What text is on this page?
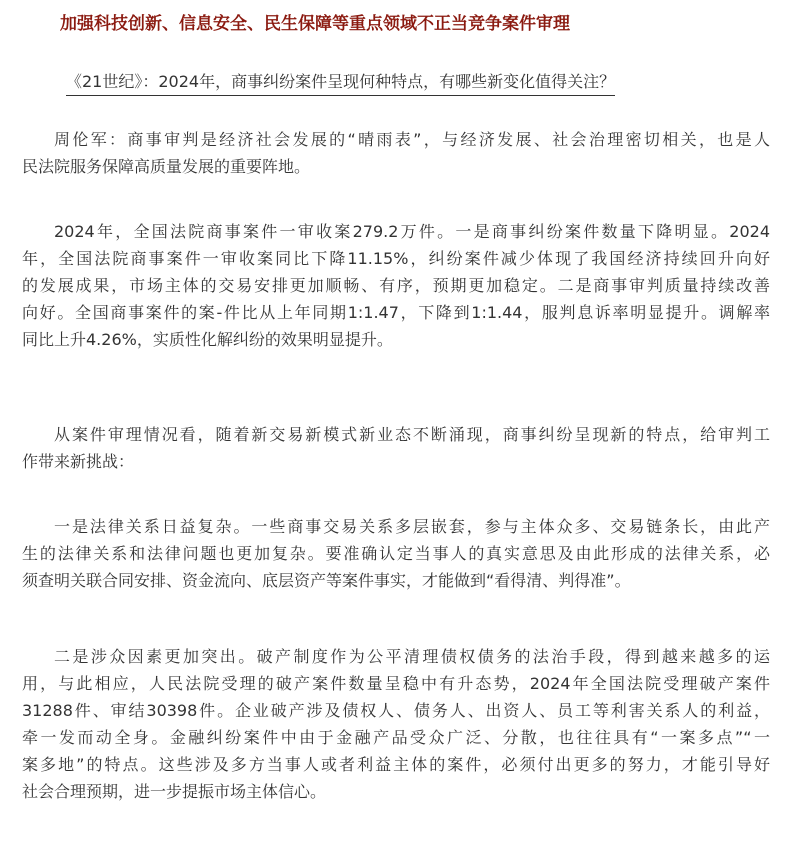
加强科技创新、信息安全、民生保障等重点领域不正当竞争案件审理

《21世纪》：2024年，商事纠纷案件呈现何种特点，有哪些新变化值得关注？

周伦军：商事审判是经济社会发展的“晴雨表”，与经济发展、社会治理密切相关，也是人
民法院服务保障高质量发展的重要阵地。
2024年，全国法院商事案件一审收案279.2万件。一是商事纠纷案件数量下降明显。2024
年，全国法院商事案件一审收案同比下降11.15%，纠纷案件减少体现了我国经济持续回升向好
的发展成果，市场主体的交易安排更加顺畅、有序，预期更加稳定。二是商事审判质量持续改善
向好。全国商事案件的案-件比从上年同期1:1.47，下降到1:1.44，服判息诉率明显提升。调解率
同比上升4.26%，实质性化解纠纷的效果明显提升。
从案件审理情况看，随着新交易新模式新业态不断涌现，商事纠纷呈现新的特点，给审判工
作带来新挑战：
一是法律关系日益复杂。一些商事交易关系多层嵌套，参与主体众多、交易链条长，由此产
生的法律关系和法律问题也更加复杂。要准确认定当事人的真实意思及由此形成的法律关系，必
须查明关联合同安排、资金流向、底层资产等案件事实，才能做到“看得清、判得准”。
二是涉众因素更加突出。破产制度作为公平清理债权债务的法治手段，得到越来越多的运
用，与此相应，人民法院受理的破产案件数量呈稳中有升态势，2024年全国法院受理破产案件
31288件、审结30398件。企业破产涉及债权人、债务人、出资人、员工等利害关系人的利益，
牵一发而动全身。金融纠纷案件中由于金融产品受众广泛、分散，也往往具有“一案多点”“一
案多地”的特点。这些涉及多方当事人或者利益主体的案件，必须付出更多的努力，才能引导好
社会合理预期，进一步提振市场主体信心。
